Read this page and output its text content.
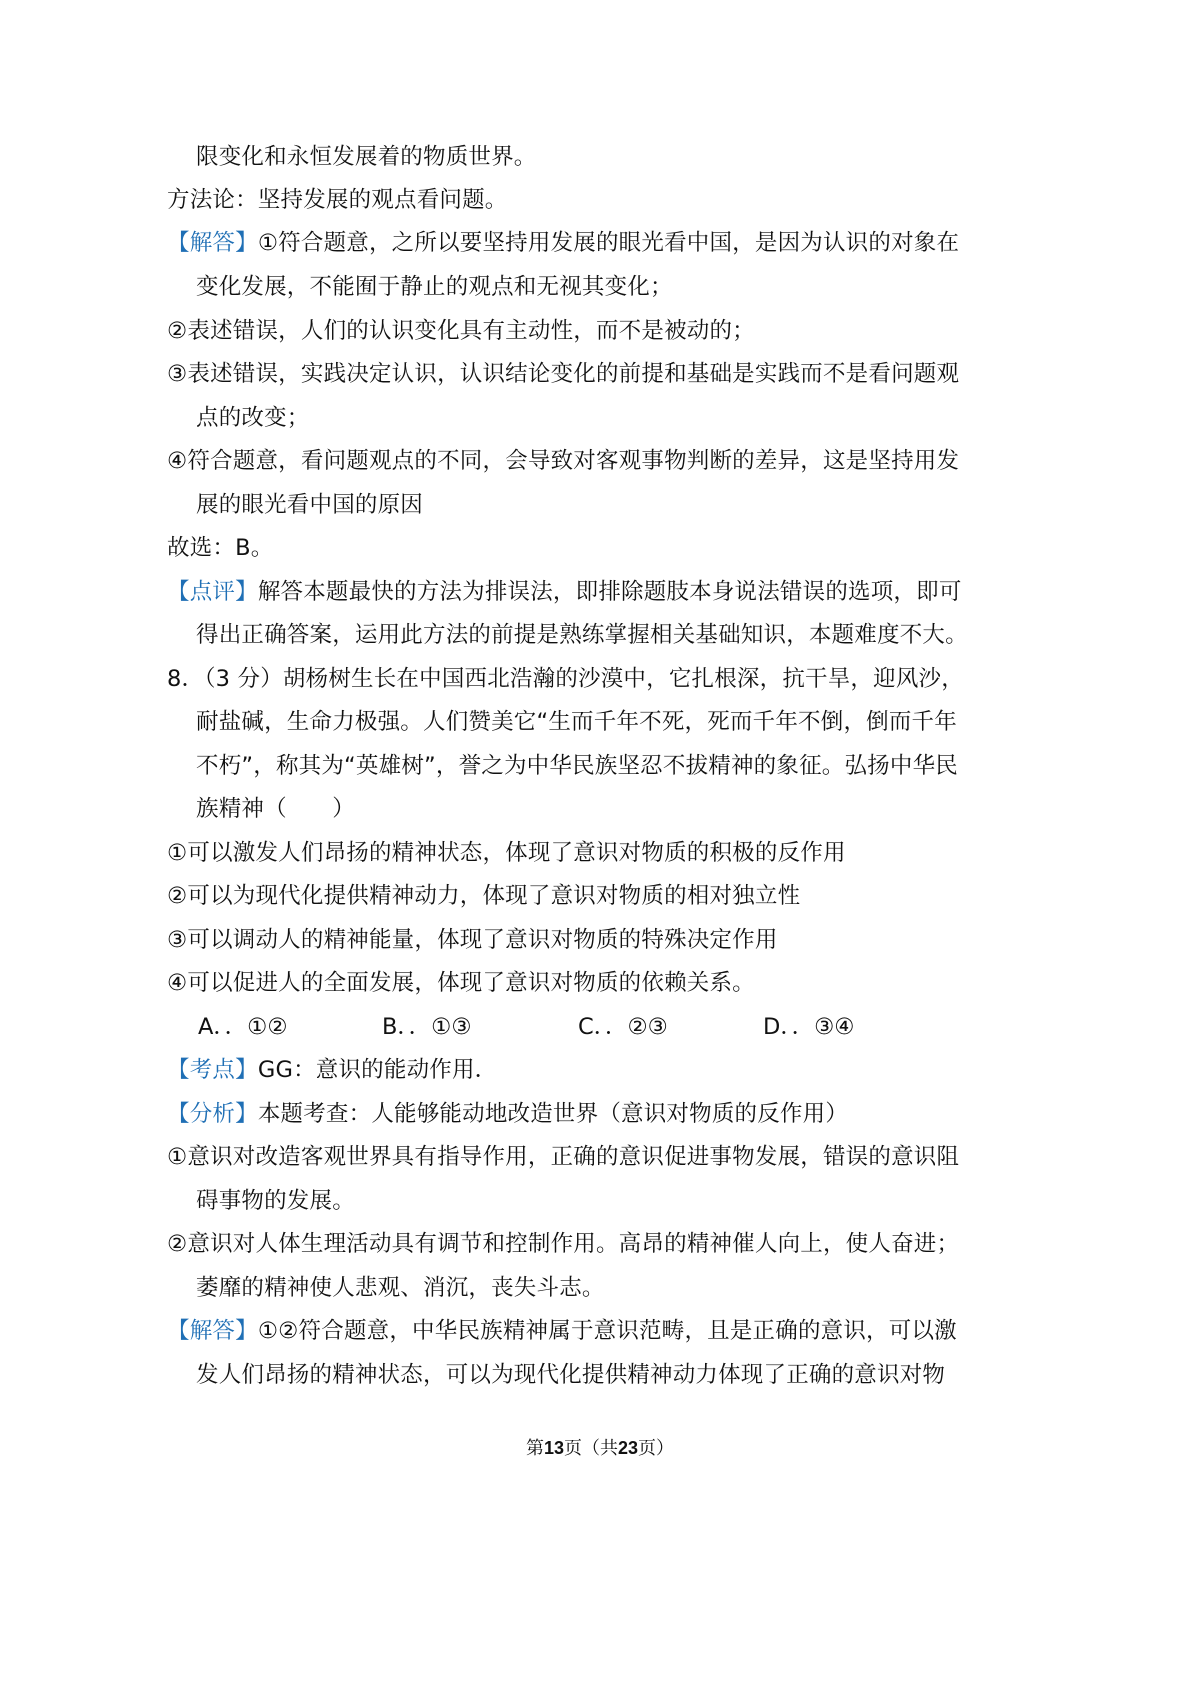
限变化和永恒发展着的物质世界。
方法论：坚持发展的观点看问题。
【解答】①符合题意，之所以要坚持用发展的眼光看中国，是因为认识的对象在
变化发展，不能囿于静止的观点和无视其变化；
②表述错误，人们的认识变化具有主动性，而不是被动的；
③表述错误，实践决定认识，认识结论变化的前提和基础是实践而不是看问题观
点的改变；
④符合题意，看问题观点的不同，会导致对客观事物判断的差异，这是坚持用发
展的眼光看中国的原因
故选：B。
【点评】解答本题最快的方法为排误法，即排除题肢本身说法错误的选项，即可
得出正确答案，运用此方法的前提是熟练掌握相关基础知识，本题难度不大。
8．（3 分）胡杨树生长在中国西北浩瀚的沙漠中，它扎根深，抗干旱，迎风沙，
耐盐碱，生命力极强。人们赞美它“生而千年不死，死而千年不倒，倒而千年
不朽”，称其为“英雄树”，誉之为中华民族坚忍不拔精神的象征。弘扬中华民
族精神（　　）
①可以激发人们昂扬的精神状态，体现了意识对物质的积极的反作用
②可以为现代化提供精神动力，体现了意识对物质的相对独立性
③可以调动人的精神能量，体现了意识对物质的特殊决定作用
④可以促进人的全面发展，体现了意识对物质的依赖关系。
A．．①②	B．．①③	C．．②③	D．．③④
【考点】GG：意识的能动作用．
【分析】本题考查：人能够能动地改造世界（意识对物质的反作用）
①意识对改造客观世界具有指导作用，正确的意识促进事物发展，错误的意识阻
碍事物的发展。
②意识对人体生理活动具有调节和控制作用。高昂的精神催人向上，使人奋进；
萎靡的精神使人悲观、消沉，丧失斗志。
【解答】①②符合题意，中华民族精神属于意识范畴，且是正确的意识，可以激
发人们昂扬的精神状态，可以为现代化提供精神动力体现了正确的意识对物
第13页（共23页）
